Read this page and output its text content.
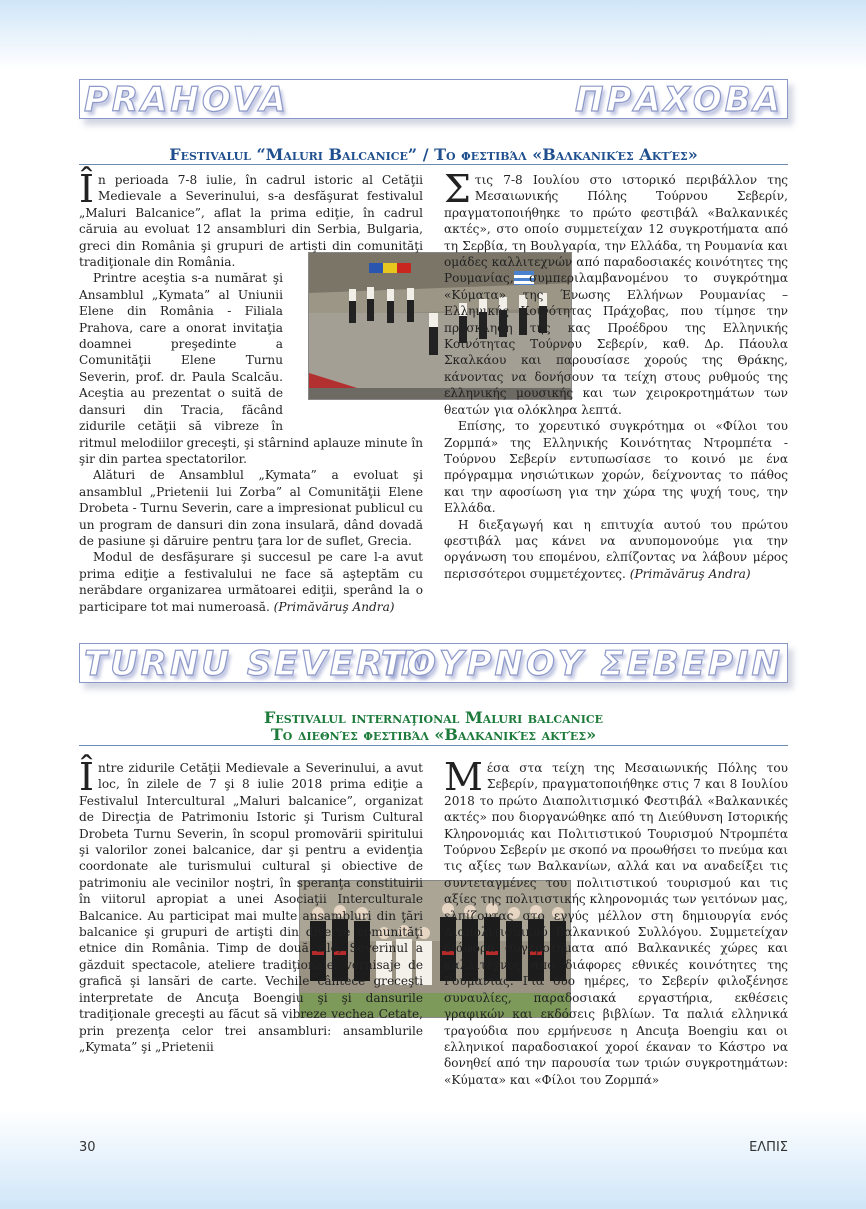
PRAHOVA	ΠΡΑΧΟΒΑ
Festivalul “Maluri Balcanice” / Το φεστιβάλ «Βαλκανικές Ακτές»

În perioada 7-8 iulie, în cadrul istoric al Cetăţii Medievale a Severinului, s-a desfăşurat festivalul „Maluri Balcanice”, aflat la prima ediţie, în cadrul căruia au evoluat 12 ansambluri din Serbia, Bulgaria, greci din România şi grupuri de artişti din comunităţi tradiţionale din România.

Printre aceştia s-a numărat şi Ansamblul „Kymata” al Uniunii Elene din România - Filiala Prahova, care a onorat invitaţia doamnei preşedinte a Comunităţii Elene Turnu Severin, prof. dr. Paula Scalcău. Aceştia au prezentat o suită de dansuri din Tracia, făcând zidurile cetăţii să vibreze în ritmul melodiilor greceşti, şi stârnind aplauze minute în şir din partea spectatorilor.

Alături de Ansamblul „Kymata” a evoluat şi ansamblul „Prietenii lui Zorba” al Comunităţii Elene Drobeta - Turnu Severin, care a impresionat publicul cu un program de dansuri din zona insulară, dând dovadă de pasiune şi dăruire pentru ţara lor de suflet, Grecia.

Modul de desfăşurare şi succesul pe care l-a avut prima ediţie a festivalului ne face să aşteptăm cu nerăbdare organizarea următoarei ediţii, sperând la o participare tot mai numeroasă. (Primăvăruş Andra)

Στις 7-8 Ιουλίου στο ιστορικό περιβάλλον της Μεσαιωνικής Πόλης Τούρνου Σεβερίν, πραγματοποιήθηκε το πρώτο φεστιβάλ «Βαλκανικές ακτές», στο οποίο συμμετείχαν 12 συγκροτήματα από τη Σερβία, τη Βουλγαρία, την Ελλάδα, τη Ρουμανία και ομάδες καλλιτεχνών από παραδοσιακές κοινότητες της Ρουμανίας, συμπεριλαμβανομένου το συγκρότημα «Κύματα» της Ένωσης Ελλήνων Ρουμανίας – Ελληνικής Κοινότητας Πράχοβας, που τίμησε την πρόσκληση της κας Προέδρου της Ελληνικής Κοινότητας Τούρνου Σεβερίν, καθ. Δρ. Πάουλα Σκαλκάου και παρουσίασε χορούς της Θράκης, κάνοντας να δονήσουν τα τείχη στους ρυθμούς της ελληνικής μουσικής και των χειροκροτημάτων των θεατών για ολόκληρα λεπτά.

Επίσης, το χορευτικό συγκρότημα οι «Φίλοι του Ζορμπά» της Ελληνικής Κοινότητας Ντρομπέτα - Τούρνου Σεβερίν εντυπωσίασε το κοινό με ένα πρόγραμμα νησιώτικων χορών, δείχνοντας το πάθος και την αφοσίωση για την χώρα της ψυχή τους, την Ελλάδα.

Η διεξαγωγή και η επιτυχία αυτού του πρώτου φεστιβάλ μας κάνει να ανυπομονούμε για την οργάνωση του επομένου, ελπίζοντας να λάβουν μέρος περισσότεροι συμμετέχοντες. (Primăvăruş Andra)

TURNU SEVERIN
ΤΟΥΡΝΟΥ ΣΕΒΕΡΙΝ
Festivalul internaţional Maluri balcanice
Το διεθνές φεστιβάλ «Βαλκανικές ακτές»

Între zidurile Cetăţii Medievale a Severinului, a avut loc, în zilele de 7 şi 8 iulie 2018 prima ediţie a Festivalul Intercultural „Maluri balcanice”, organizat de Direcţia de Patrimoniu Istoric şi Turism Cultural Drobeta Turnu Severin, în scopul promovării spiritului şi valorilor zonei balcanice, dar şi pentru a evidenţia coordonate ale turismului cultural şi obiective de patrimoniu ale vecinilor noştri, în speranţa constituirii în viitorul apropiat a unei Asociaţii Interculturale Balcanice. Au participat mai multe ansambluri din ţări balcanice şi grupuri de artişti din diverse comunităţi etnice din România. Timp de două zile, Severinul a găzduit spectacole, ateliere tradiţionale, vernisaje de grafică şi lansări de carte. Vechile cântece greceşti interpretate de Ancuţa Boengiu şi şi dansurile tradiţionale greceşti au făcut să vibreze vechea Cetate, prin prezenţa celor trei ansambluri: ansamblurile „Kymata” şi „Prietenii

Μέσα στα τείχη της Μεσαιωνικής Πόλης του Σεβερίν, πραγματοποιήθηκε στις 7 και 8 Ιουλίου 2018 το πρώτο Διαπολιτισμικό Φεστιβάλ «Βαλκανικές ακτές» που διοργανώθηκε από τη Διεύθυνση Ιστορικής Κληρονομιάς και Πολιτιστικού Τουρισμού Ντρομπέτα Τούρνου Σεβερίν με σκοπό να προωθήσει το πνεύμα και τις αξίες των Βαλκανίων, αλλά και να αναδείξει τις συντεταγμένες του πολιτιστικού τουρισμού και τις αξίες της πολιτιστικής κληρονομιάς των γειτόνων μας, ελπίζοντας στο εγγύς μέλλον στη δημιουργία ενός Διαπολιτισμικού Βαλκανικού Συλλόγου. Συμμετείχαν διάφορα συγκροτήματα από Βαλκανικές χώρες και καλλιτέχνες από διάφορες εθνικές κοινότητες της Ρουμανίας. Για δύο ημέρες, το Σεβερίν φιλοξένησε συναυλίες, παραδοσιακά εργαστήρια, εκθέσεις γραφικών και εκδόσεις βιβλίων. Τα παλιά ελληνικά τραγούδια που ερμήνευσε η Ancuţa Boengiu και οι ελληνικοί παραδοσιακοί χοροί έκαναν το Κάστρο να δονηθεί από την παρουσία των τριών συγκροτημάτων: «Κύματα» και «Φίλοι του Ζορμπά»

30	ΕΛΠΙΣ
